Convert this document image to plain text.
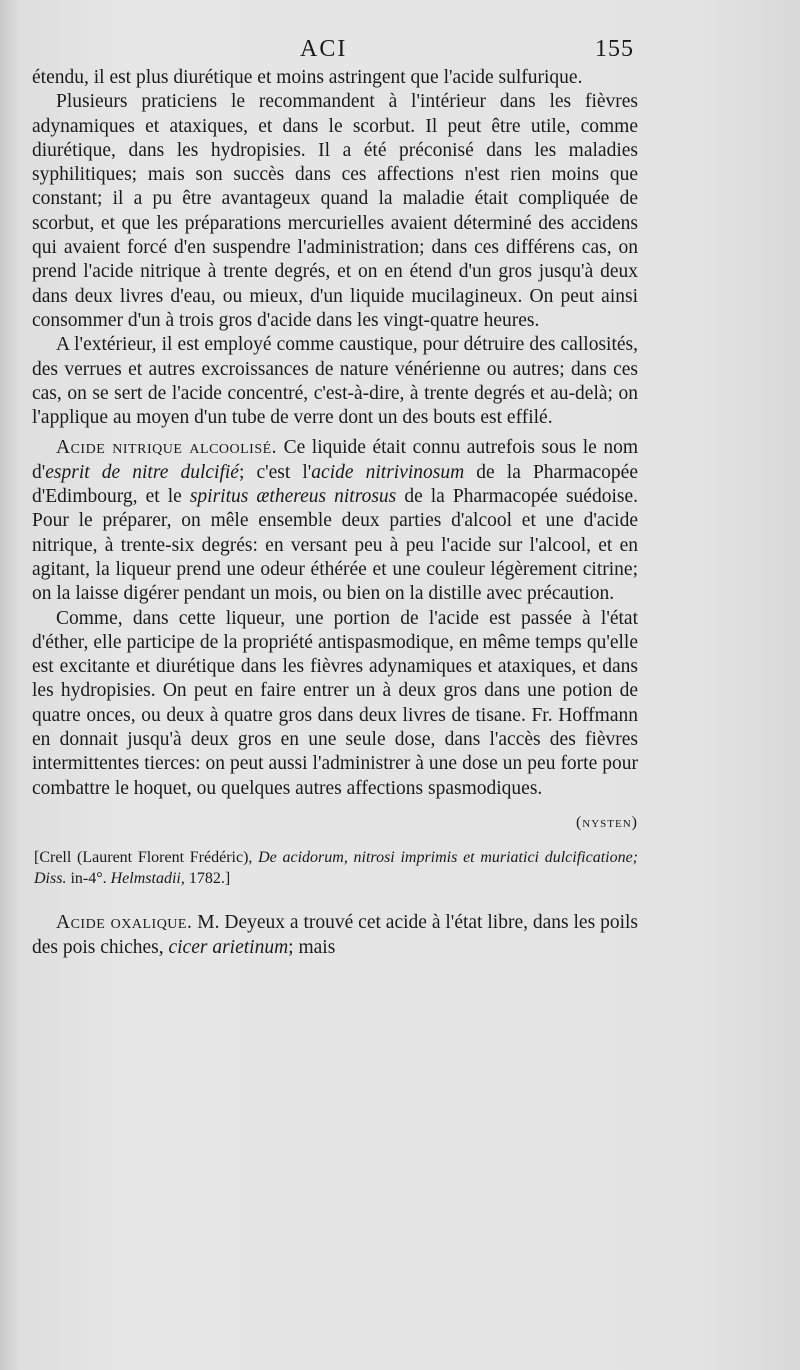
ACI	155

étendu, il est plus diurétique et moins astringent que l'acide sulfurique.

Plusieurs praticiens le recommandent à l'intérieur dans les fièvres adynamiques et ataxiques, et dans le scorbut. Il peut être utile, comme diurétique, dans les hydropisies. Il a été préconisé dans les maladies syphilitiques; mais son succès dans ces affections n'est rien moins que constant; il a pu être avantageux quand la maladie était compliquée de scorbut, et que les préparations mercurielles avaient déterminé des accidens qui avaient forcé d'en suspendre l'administration; dans ces différens cas, on prend l'acide nitrique à trente degrés, et on en étend d'un gros jusqu'à deux dans deux livres d'eau, ou mieux, d'un liquide mucilagineux. On peut ainsi consommer d'un à trois gros d'acide dans les vingt-quatre heures.

A l'extérieur, il est employé comme caustique, pour détruire des callosités, des verrues et autres excroissances de nature vénérienne ou autres; dans ces cas, on se sert de l'acide concentré, c'est-à-dire, à trente degrés et au-delà; on l'applique au moyen d'un tube de verre dont un des bouts est effilé.

Acide nitrique alcoolisé. Ce liquide était connu autrefois sous le nom d'esprit de nitre dulcifié; c'est l'acide nitrivinosum de la Pharmacopée d'Edimbourg, et le spiritus æthereus nitrosus de la Pharmacopée suédoise. Pour le préparer, on mêle ensemble deux parties d'alcool et une d'acide nitrique, à trente-six degrés: en versant peu à peu l'acide sur l'alcool, et en agitant, la liqueur prend une odeur éthérée et une couleur légèrement citrine; on la laisse digérer pendant un mois, ou bien on la distille avec précaution.

Comme, dans cette liqueur, une portion de l'acide est passée à l'état d'éther, elle participe de la propriété antispasmodique, en même temps qu'elle est excitante et diurétique dans les fièvres adynamiques et ataxiques, et dans les hydropisies. On peut en faire entrer un à deux gros dans une potion de quatre onces, ou deux à quatre gros dans deux livres de tisane. Fr. Hoffmann en donnait jusqu'à deux gros en une seule dose, dans l'accès des fièvres intermittentes tierces: on peut aussi l'administrer à une dose un peu forte pour combattre le hoquet, ou quelques autres affections spasmodiques.

(nysten)

[Crell (Laurent Florent Frédéric), De acidorum, nitrosi imprimis et muriatici dulcificatione; Diss. in-4°. Helmstadii, 1782.]

Acide oxalique. M. Deyeux a trouvé cet acide à l'état libre, dans les poils des pois chiches, cicer arietinum; mais
